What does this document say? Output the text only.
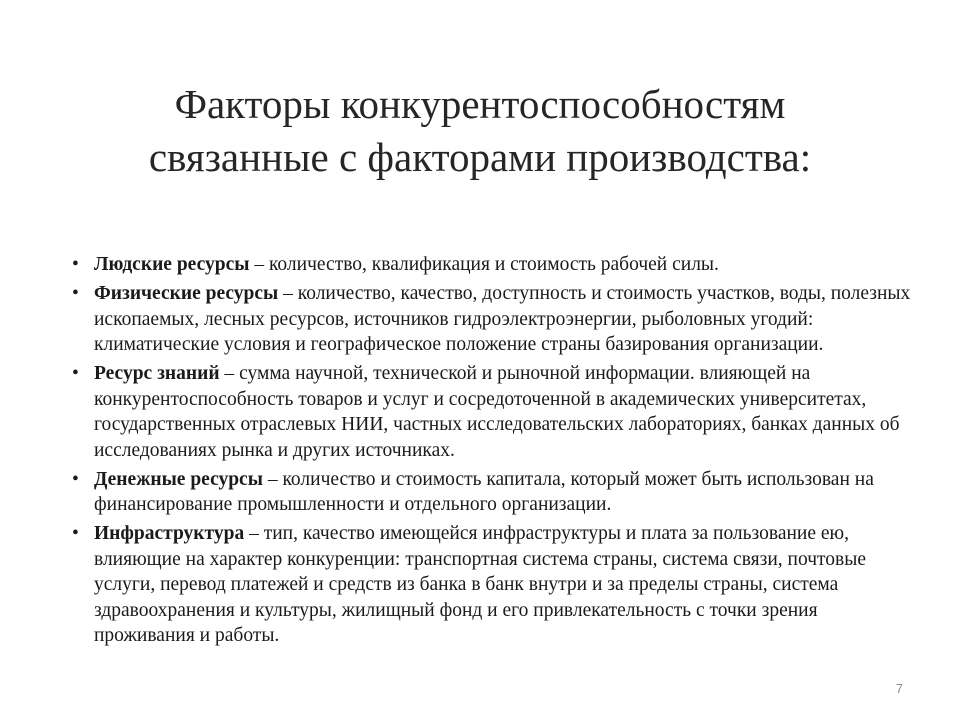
Факторы конкурентоспособностям
связанные с факторами производства:
• Людские ресурсы – количество, квалификация и стоимость рабочей силы.
• Физические ресурсы – количество, качество, доступность и стоимость участков, воды, полезных ископаемых, лесных ресурсов, источников гидроэлектроэнергии, рыболовных угодий: климатические условия и географическое положение страны базирования организации.
• Ресурс знаний – сумма научной, технической и рыночной информации. влияющей на конкурентоспособность товаров и услуг и сосредоточенной в академических университетах, государственных отраслевых НИИ, частных исследовательских лабораториях, банках данных об исследованиях рынка и других источниках.
• Денежные ресурсы – количество и стоимость капитала, который может быть использован на финансирование промышленности и отдельного организации.
• Инфраструктура – тип, качество имеющейся инфраструктуры и плата за пользование ею, влияющие на характер конкуренции: транспортная система страны, система связи, почтовые услуги, перевод платежей и средств из банка в банк внутри и за пределы страны, система здравоохранения и культуры, жилищный фонд и его привлекательность с точки зрения проживания и работы.
7
